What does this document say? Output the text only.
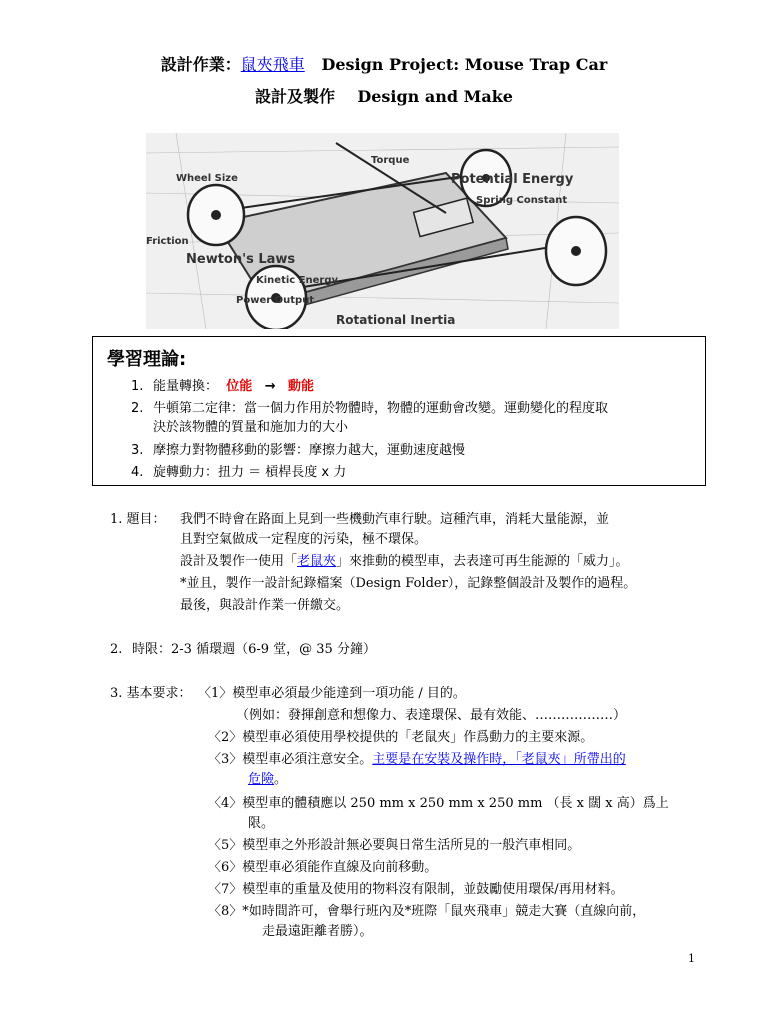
設計作業：鼠夾飛車 Design Project: Mouse Trap Car
設計及製作 Design and Make
Torque
Wheel Size	Potential Energy
Spring Constant
Friction
Newton's Laws
Kinetic Energy
Power Output
Rotational Inertia
學習理論:
1. 能量轉換： 位能 → 動能
2. 牛頓第二定律：當一個力作用於物體時，物體的運動會改變。運動變化的程度取
決於該物體的質量和施加力的大小
3. 摩擦力對物體移動的影響：摩擦力越大，運動速度越慢
4. 旋轉動力：扭力 ＝ 槓桿長度 x 力
1. 題目： 我們不時會在路面上見到一些機動汽車行駛。這種汽車，消耗大量能源，並
且對空氣做成一定程度的污染，極不環保。
設計及製作一使用「老鼠夾」來推動的模型車，去表達可再生能源的「威力」。
*並且，製作一設計紀錄檔案（Design Folder），記錄整個設計及製作的過程。
最後，與設計作業一併繳交。
2. 時限：2-3 循環週（6-9 堂，@ 35 分鐘）
3. 基本要求： 〈1〉模型車必須最少能達到一項功能 / 目的。
（例如：發揮創意和想像力、表達環保、最有效能、………………）
〈2〉模型車必須使用學校提供的「老鼠夾」作爲動力的主要來源。
〈3〉模型車必須注意安全。主要是在安裝及操作時，「老鼠夾」所帶出的
危險。
〈4〉模型車的體積應以 250 mm x 250 mm x 250 mm （長 x 闊 x 高）爲上
限。
〈5〉模型車之外形設計無必要與日常生活所見的一般汽車相同。
〈6〉模型車必須能作直線及向前移動。
〈7〉模型車的重量及使用的物料沒有限制，並鼓勵使用環保/再用材料。
〈8〉*如時間許可，會舉行班內及*班際「鼠夾飛車」競走大賽（直線向前，
走最遠距離者勝）。
1
